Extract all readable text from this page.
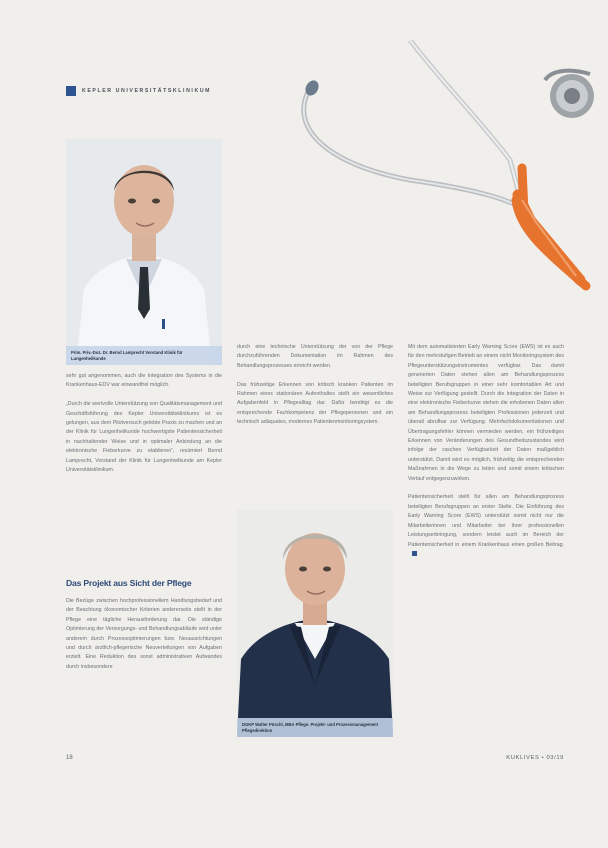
KEPLER UNIVERSITÄTSKLINIKUM
Prim. Priv.-Doz. Dr. Bernd Lamprecht Vorstand Klinik für Lungenheilkunde
DGKP Walter Pöschl, MBA Pflege. Projekt- und Prozessmanagement Pflegedirektion

sehr gut angenommen, auch die Integration des Systems in die Krankenhaus-EDV war einwandfrei möglich.

„Durch die wertvolle Unterstützung von Qualitätsmanagement und Geschäftsführung des Kepler Universitätsklinikums ist es gelungen, aus dem Pilotversuch gelebte Praxis zu machen und an der Klinik für Lungenheilkunde hochwertigste Patientensicherheit in nachhaltender Weise und in optimaler Anbindung an die elektronische Fieberkurve zu etablieren“, resümiert Bernd Lamprecht, Vorstand der Klinik für Lungenheilkunde am Kepler Universitätsklinikum.

Das Projekt aus Sicht der Pflege

Die Bezüge zwischen hochprofessionellem Handlungsbedarf und der Beachtung ökonomischer Kriterien andererseits stellt in der Pflege eine tägliche Herausforderung dar. Die ständige Optimierung der Versorgungs- und Behandlungsabläufe wird unter anderem durch Prozessoptimierungen bzw. Neuausrichtungen und durch ärztlich-pflegerische Neuverteilungen von Aufgaben erzielt. Eine Reduktion des sonst administrativen Aufwandes durch insbesondere

durch eine technische Unterstützung der von der Pflege durchzuführenden Dokumentation im Rahmen des Behandlungsprozesses erreicht werden.

Das frühzeitige Erkennen von kritisch kranken Patienten im Rahmen eines stationären Aufenthaltes stellt ein wesentliches Aufgabenfeld in Pflegealltag dar. Dafür benötigt es die entsprechende Fachkompetenz der Pflegepersonen und ein technisch adäquates, modernes Patientenmonitoringsystem.

Mit dem automatisierten Early Warning Score (EWS) ist es auch für den mehrstufigen Betrieb an einem nicht Monitoringsystem des Pflegeunterstützungsinstrumentes verfügbar. Das damit generierten Daten stehen allen am Behandlungsprozess beteiligten Berufsgruppen in einer sehr komfortablen Art und Weise zur Verfügung gestellt. Durch die Integration der Daten in eine elektronische Fieberkurve stehen die erhobenen Daten allen am Behandlungsprozess beteiligten Professionen jederzeit und überall abrufbar zur Verfügung. Mehrfachdokumentationen und Übertragungsfehler können vermieden werden, ein frühzeitiges Erkennen von Veränderungen des Gesundheitszustandes wird infolge der raschen Verfügbarkeit der Daten maßgeblich unterstützt. Damit wird es möglich, frühzeitig die entsprechenden Maßnahmen in die Wege zu leiten und somit einem kritischen Verlauf entgegenzuwirken.

Patientensicherheit stellt für allen am Behandlungsprozess beteiligten Berufsgruppen an erster Stelle. Die Einführung des Early Warning Score (EWS) unterstützt somit nicht nur die Mitarbeiterinnen und Mitarbeiter bei ihrer professionellen Leistungserbringung, sondern leistet auch im Bereich der Patientensicherheit in einem Krankenhaus einen großen Beitrag.

18	KUKLIVES • 03/19
